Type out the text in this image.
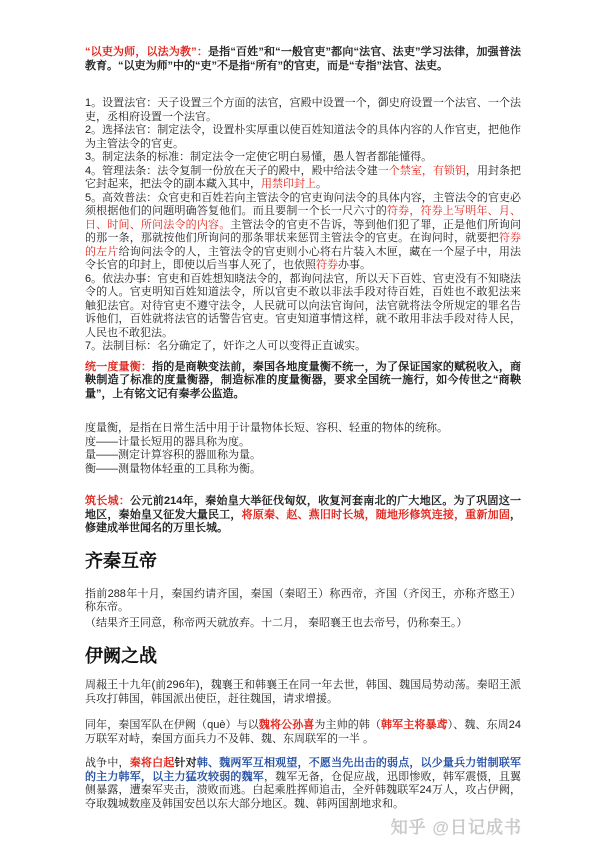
“以吏为师，以法为教”：是指“百姓”和“一般官吏”都向“法官、法吏”学习法律，加强普法教育。“以吏为师”中的“吏”不是指“所有”的官吏，而是“专指”法官、法吏。

1。设置法官：天子设置三个方面的法官，宫殿中设置一个，御史府设置一个法官、一个法吏，丞相府设置一个法官。

2。选择法官：制定法令，设置朴实厚重以使百姓知道法令的具体内容的人作官吏，把他作为主管法令的官吏。

3。制定法条的标准：制定法令一定使它明白易懂，愚人智者都能懂得。

4。管理法条：法令复制一份放在天子的殿中，殿中给法令建一个禁室，有锁钥，用封条把它封起来，把法令的副本藏入其中，用禁印封上。

5。高效普法：众官吏和百姓若向主管法令的官吏询问法令的具体内容，主管法令的官吏必须根据他们的问题明确答复他们。而且要制一个长一尺六寸的符券，符券上写明年、月、日、时间、所问法令的内容。主管法令的官吏不告诉，等到他们犯了罪，正是他们所询问的那一条，那就按他们所询问的那条罪状来惩罚主管法令的官吏。在询问时，就要把符券的左片给询问法令的人，主管法令的官吏则小心将右片装入木匣，藏在一个屋子中，用法令长官的印封上，即使以后当事人死了，也依照符券办事。

6。依法办事：官吏和百姓想知晓法令的，都询问法官，所以天下百姓、官吏没有不知晓法令的人。官吏明知百姓知道法令，所以官吏不敢以非法手段对待百姓，百姓也不敢犯法来触犯法官。对待官吏不遵守法令，人民就可以向法官询问，法官就将法令所规定的罪名告诉他们，百姓就将法官的话警告官吏。官吏知道事情这样，就不敢用非法手段对待人民，人民也不敢犯法。

7。法制目标：名分确定了，奸诈之人可以变得正直诚实。

统一度量衡：指的是商鞅变法前，秦国各地度量衡不统一，为了保证国家的赋税收入，商鞅制造了标准的度量衡器，制造标准的度量衡器，要求全国统一施行，如今传世之“商鞅量”，上有铭文记有秦孝公监造。

度量衡，是指在日常生活中用于计量物体长短、容积、轻重的物体的统称。

度——计量长短用的器具称为度。

量——测定计算容积的器皿称为量。

衡——测量物体轻重的工具称为衡。

筑长城：公元前214年，秦始皇大举征伐匈奴，收复河套南北的广大地区。为了巩固这一地区，秦始皇又征发大量民工，将原秦、赵、燕旧时长城，随地形修筑连接，重新加固，修建成举世闻名的万里长城。

齐秦互帝

指前288年十月，秦国约请齐国，秦国（秦昭王）称西帝，齐国（齐闵王，亦称齐愍王）称东帝。

（结果齐王同意，称帝两天就放弃。十二月， 秦昭襄王也去帝号，仍称秦王。）

伊阙之战

周赧王十九年(前296年)，魏襄王和韩襄王在同一年去世，韩国、魏国局势动荡。秦昭王派兵攻打韩国，韩国派出使臣，赶往魏国，请求增援。

同年，秦国军队在伊阙（què）与以魏将公孙喜为主帅的韩（韩军主将暴鸢）、魏、东周24万联军对峙，秦国方面兵力不及韩、魏、东周联军的一半 。

战争中，秦将白起针对韩、魏两军互相观望，不愿当先出击的弱点，以少量兵力钳制联军的主力韩军，以主力猛攻较弱的魏军，魏军无备，仓促应战，迅即惨败，韩军震慑，且翼侧暴露，遭秦军夹击，溃败而逃。白起乘胜挥师追击，全歼韩魏联军24万人，攻占伊阙，夺取魏城数座及韩国安邑以东大部分地区。魏、韩两国割地求和。

知乎 @日记成书
